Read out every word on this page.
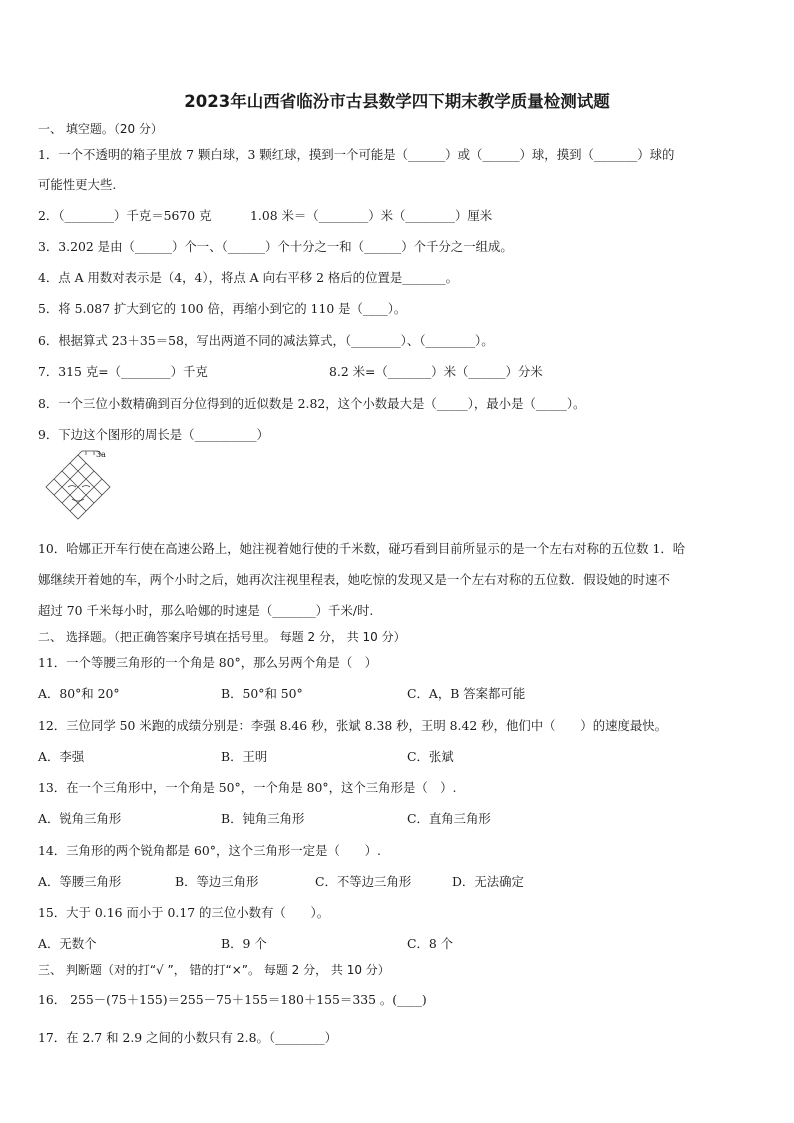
2023年山西省临汾市古县数学四下期末教学质量检测试题
一、 填空题。（20 分）
1．一个不透明的箱子里放 7 颗白球，3 颗红球，摸到一个可能是（______）或（______）球，摸到（_______）球的
可能性更大些.
2．（________）千克＝5670 克	1.08 米＝（________）米（________）厘米
3．3.202 是由（______）个一、（______）个十分之一和（______）个千分之一组成。
4．点 A 用数对表示是（4，4），将点 A 向右平移 2 格后的位置是_______。
5．将 5.087 扩大到它的 100 倍，再缩小到它的 110 是（____）。
6．根据算式 23＋35＝58，写出两道不同的减法算式，（________）、（________）。
7．315 克=（________）千克	8.2 米=（_______）米（______）分米
8．一个三位小数精确到百分位得到的近似数是 2.82，这个小数最大是（_____），最小是（_____）。
9．下边这个图形的周长是（__________）
3a
10．哈娜正开车行使在高速公路上，她注视着她行使的千米数，碰巧看到目前所显示的是一个左右对称的五位数 1．哈
娜继续开着她的车，两个小时之后，她再次注视里程表，她吃惊的发现又是一个左右对称的五位数．假设她的时速不
超过 70 千米每小时，那么哈娜的时速是（_______）千米/时.
二、 选择题。（把正确答案序号填在括号里。 每题 2 分， 共 10 分）
11．一个等腰三角形的一个角是 80°，那么另两个角是（　）
A．80°和 20°	B．50°和 50°	C．A，B 答案都可能
12．三位同学 50 米跑的成绩分别是：李强 8.46 秒，张斌 8.38 秒，王明 8.42 秒，他们中（　　）的速度最快。
A．李强	B．王明	C．张斌
13．在一个三角形中，一个角是 50°，一个角是 80°，这个三角形是（　）.
A．锐角三角形	B．钝角三角形	C．直角三角形
14．三角形的两个锐角都是 60°，这个三角形一定是（　　）.
A．等腰三角形	B．等边三角形	C．不等边三角形	D．无法确定
15．大于 0.16 而小于 0.17 的三位小数有（　　）。
A．无数个	B．9 个	C．8 个
三、 判断题（对的打“√ ”， 错的打“×”。 每题 2 分， 共 10 分）
16． 255－(75＋155)＝255－75＋155＝180＋155＝335 。(____)
17．在 2.7 和 2.9 之间的小数只有 2.8。（________）
